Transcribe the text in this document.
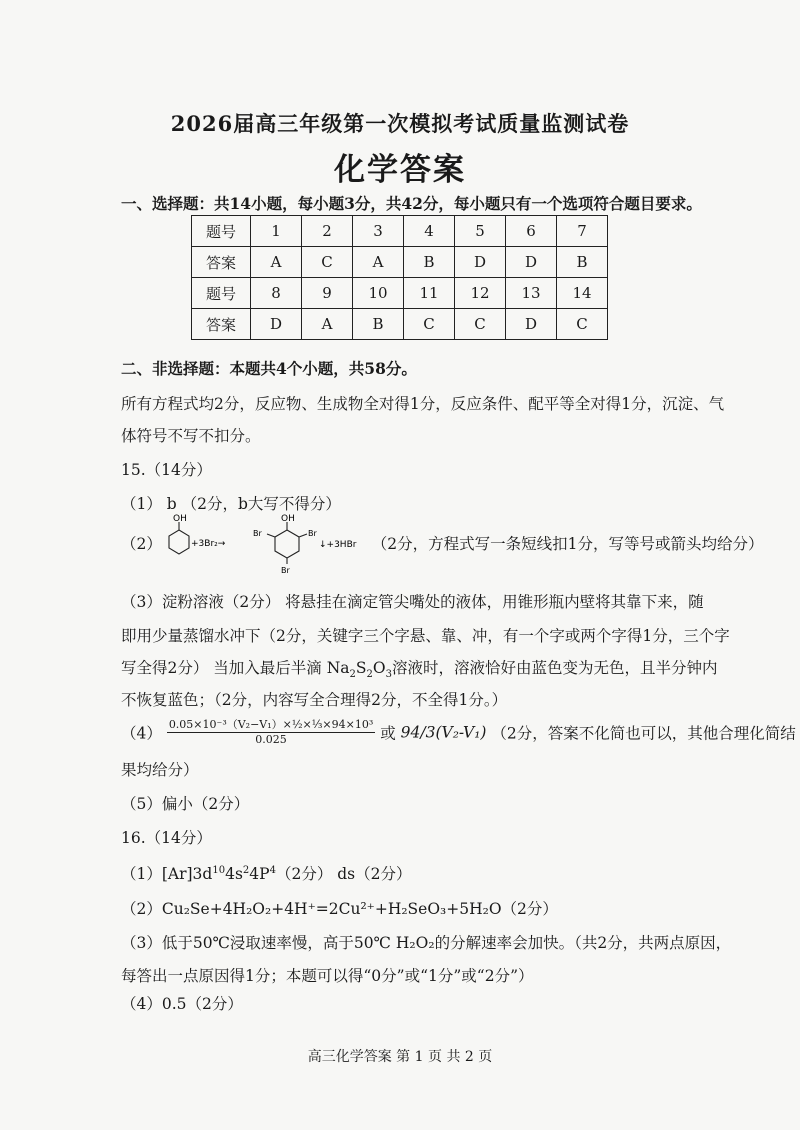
2026届高三年级第一次模拟考试质量监测试卷
化学答案
一、选择题：共14小题，每小题3分，共42分，每小题只有一个选项符合题目要求。
题号	1	2	3	4	5	6	7
答案	A	C	A	B	D	D	B
题号	8	9	10	11	12	13	14
答案	D	A	B	C	C	D	C
二、非选择题：本题共4个小题，共58分。
所有方程式均2分，反应物、生成物全对得1分，反应条件、配平等全对得1分，沉淀、气
体符号不写不扣分。
15.（14分）
（1） b （2分，b大写不得分）
（2）
OH
+3Br₂→
OH
Br	Br
Br
↓+3HBr （2分，方程式写一条短线扣1分，写等号或箭头均给分）
（3）淀粉溶液（2分） 将悬挂在滴定管尖嘴处的液体，用锥形瓶内壁将其靠下来，随
即用少量蒸馏水冲下（2分，关键字三个字悬、靠、冲，有一个字或两个字得1分，三个字
写全得2分） 当加入最后半滴 $Na_2S_2O_3$溶液时，溶液恰好由蓝色变为无色，且半分钟内
不恢复蓝色；（2分，内容写全合理得2分，不全得1分。）
$(4) \frac{\text{0.05×10⁻³（V₂−V₁）×½×⅓×94×10³}}{0.025}$ 或 94/3(V₂-V₁) （2分，答案不化简也可以，其他合理化简结
果均给分）
（5）偏小（2分）
16.（14分）
$(1)[Ar]3d^{10}4s^24P^4(2$分） ds（2分）
（2）Cu₂Se+4H₂O₂+4H⁺=2Cu²⁺+H₂SeO₃+5H₂O（2分）
（3）低于50℃浸取速率慢，高于50℃ H₂O₂的分解速率会加快。（共2分，共两点原因，
每答出一点原因得1分；本题可以得“0分”或“1分”或“2分”）
（4）0.5（2分）
高三化学答案 第 1 页 共 2 页
